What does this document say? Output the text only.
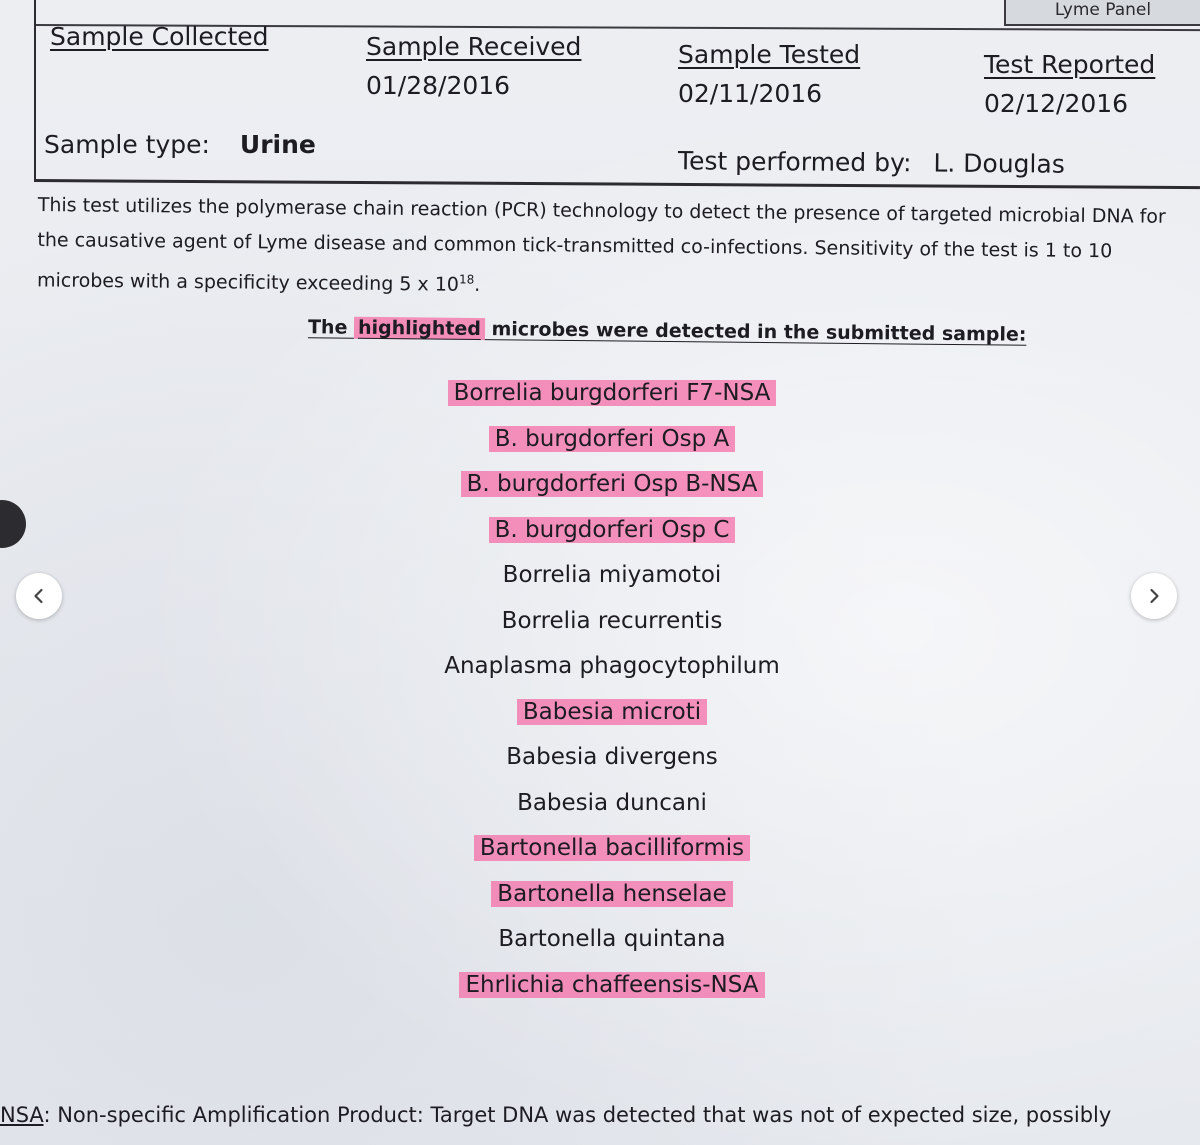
Lyme Panel
Sample Collected	Sample Received
01/28/2016
Sample Tested
02/11/2016
Test Reported
02/12/2016
Sample type: Urine
Test performed by: L. Douglas
This test utilizes the polymerase chain reaction (PCR) technology to detect the presence of targeted microbial DNA for
the causative agent of Lyme disease and common tick-transmitted co-infections. Sensitivity of the test is 1 to 10
microbes with a specificity exceeding 5 x $10^{18}$.
The highlighted microbes were detected in the submitted sample:
Borrelia burgdorferi F7-NSA
B. burgdorferi Osp A
B. burgdorferi Osp B-NSA
B. burgdorferi Osp C
Borrelia miyamotoi
Borrelia recurrentis
Anaplasma phagocytophilum
Babesia microti
Babesia divergens
Babesia duncani
Bartonella bacilliformis
Bartonella henselae
Bartonella quintana
Ehrlichia chaffeensis-NSA
NSA: Non-specific Amplification Product: Target DNA was detected that was not of expected size, possibly
